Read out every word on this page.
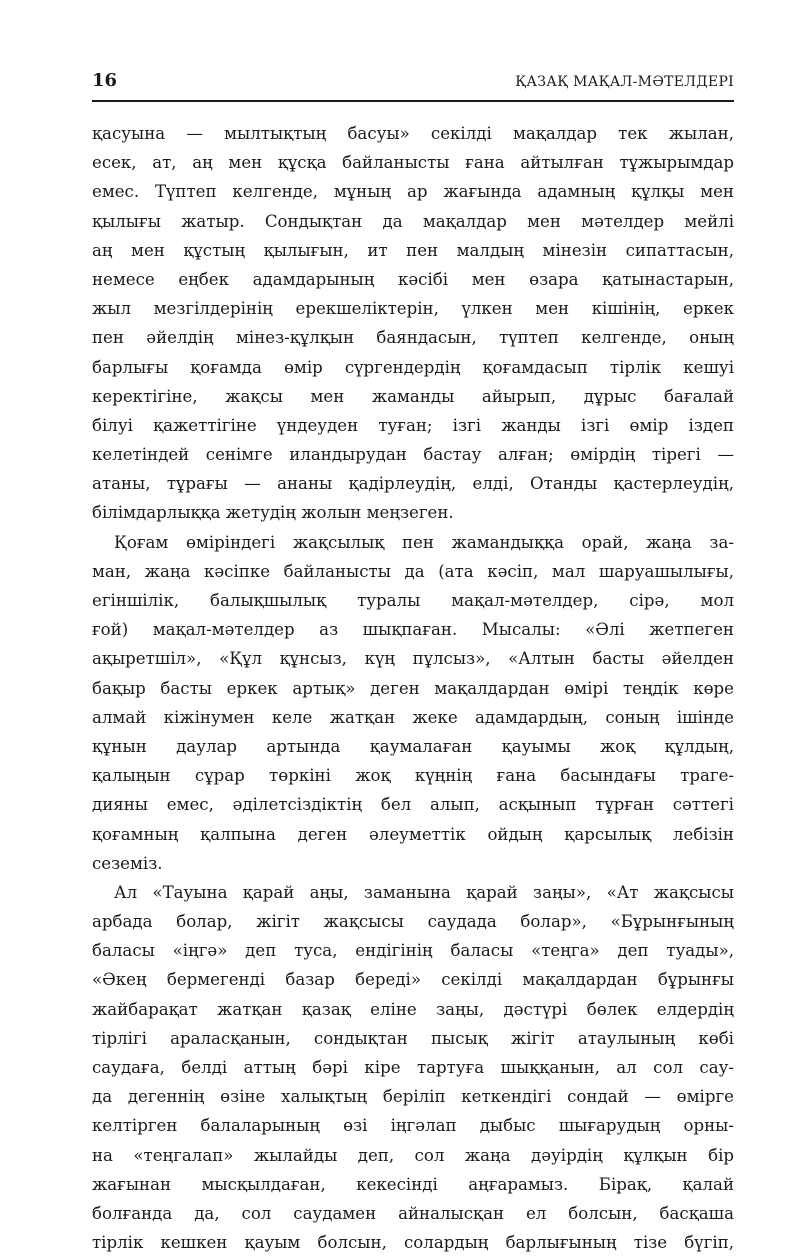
16	ҚАЗАҚ МАҚАЛ-МӘТЕЛДЕРІ
қасуына — мылтықтың басуы» секілді мақалдар тек жылан,
есек, ат, аң мен құсқа байланысты ғана айтылған тұжырымдар
емес. Түптеп келгенде, мұның ар жағында адамның құлқы мен
қылығы жатыр. Сондықтан да мақалдар мен мәтелдер мейлі
аң мен құстың қылығын, ит пен малдың мінезін сипаттасын,
немесе еңбек адамдарының кәсібі мен өзара қатынастарын,
жыл мезгілдерінің ерекшеліктерін, үлкен мен кішінің, еркек
пен әйелдің мінез-құлқын баяндасын, түптеп келгенде, оның
барлығы қоғамда өмір сүргендердің қоғамдасып тірлік кешуі
керектігіне, жақсы мен жаманды айырып, дұрыс бағалай
білуі қажеттігіне үндеуден туған; ізгі жанды ізгі өмір іздеп
келетіндей сенімге иландырудан бастау алған; өмірдің тірегі —
атаны, тұрағы — ананы қадірлеудің, елді, Отанды қастерлеудің,
білімдарлыққа жетудің жолын меңзеген.
Қоғам өміріндегі жақсылық пен жамандыққа орай, жаңа за-
ман, жаңа кәсіпке байланысты да (ата кәсіп, мал шаруашылығы,
егіншілік, балықшылық туралы мақал-мәтелдер, сірә, мол
ғой) мақал-мәтелдер аз шықпаған. Мысалы: «Әлі жетпеген
ақыретшіл», «Құл құнсыз, күң пұлсыз», «Алтын басты әйелден
бақыр басты еркек артық» деген мақалдардан өмірі теңдік көре
алмай кіжінумен келе жатқан жеке адамдардың, соның ішінде
құнын даулар артында қаумалаған қауымы жоқ құлдың,
қалыңын сұрар төркіні жоқ күңнің ғана басындағы траге-
дияны емес, әділетсіздіктің бел алып, асқынып тұрған сәттегі
қоғамның қалпына деген әлеуметтік ойдың қарсылық лебізін
сеземіз.
Ал «Тауына қарай аңы, заманына қарай заңы», «Ат жақсысы
арбада болар, жігіт жақсысы саудада болар», «Бұрынғының
баласы «іңгә» деп туса, ендігінің баласы «теңга» деп туады»,
«Әкең бермегенді базар береді» секілді мақалдардан бұрынғы
жайбарақат жатқан қазақ еліне заңы, дәстүрі бөлек елдердің
тірлігі араласқанын, сондықтан пысық жігіт атаулының көбі
саудаға, белді аттың бәрі кіре тартуға шыққанын, ал сол сау-
да дегеннің өзіне халықтың беріліп кеткендігі сондай — өмірге
келтірген балаларының өзі іңгәлап дыбыс шығарудың орны-
на «теңгалап» жылайды деп, сол жаңа дәуірдің құлқын бір
жағынан мысқылдаған, кекесінді аңғарамыз. Бірақ, қалай
болғанда да, сол саудамен айналысқан ел болсын, басқаша
тірлік кешкен қауым болсын, солардың барлығының тізе бүгіп,
